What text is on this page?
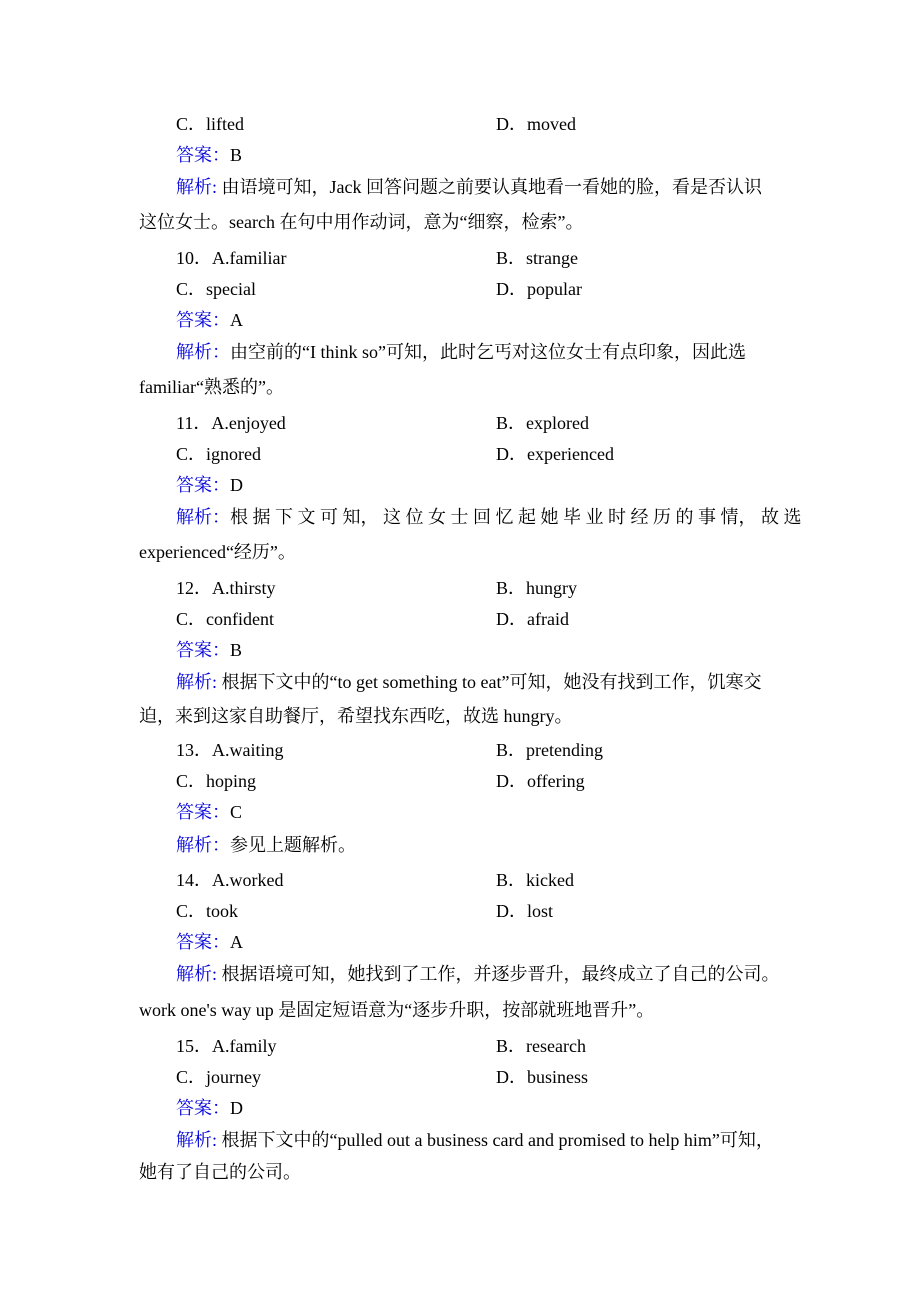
C．lifted	D．moved
答案：B
解析: 由语境可知，Jack 回答问题之前要认真地看一看她的脸，看是否认识
这位女士。search 在句中用作动词，意为“细察，检索”。
10．A.familiar	B．strange
C．special	D．popular
答案：A
解析：由空前的“I think so”可知，此时乞丐对这位女士有点印象，因此选
familiar“熟悉的”。
11．A.enjoyed	B．explored
C．ignored	D．experienced
答案：D
解析：根 据 下 文 可 知， 这 位 女 士 回 忆 起 她 毕 业 时 经 历 的 事 情， 故 选
experienced“经历”。
12．A.thirsty	B．hungry
C．confident	D．afraid
答案：B
解析: 根据下文中的“to get something to eat”可知，她没有找到工作，饥寒交
迫，来到这家自助餐厅，希望找东西吃，故选 hungry。
13．A.waiting	B．pretending
C．hoping	D．offering
答案：C
解析：参见上题解析。
14．A.worked	B．kicked
C．took	D．lost
答案：A
解析: 根据语境可知，她找到了工作，并逐步晋升，最终成立了自己的公司。
work one's way up 是固定短语意为“逐步升职，按部就班地晋升”。
15．A.family	B．research
C．journey	D．business
答案：D
解析: 根据下文中的“pulled out a business card and promised to help him”可知，
她有了自己的公司。
